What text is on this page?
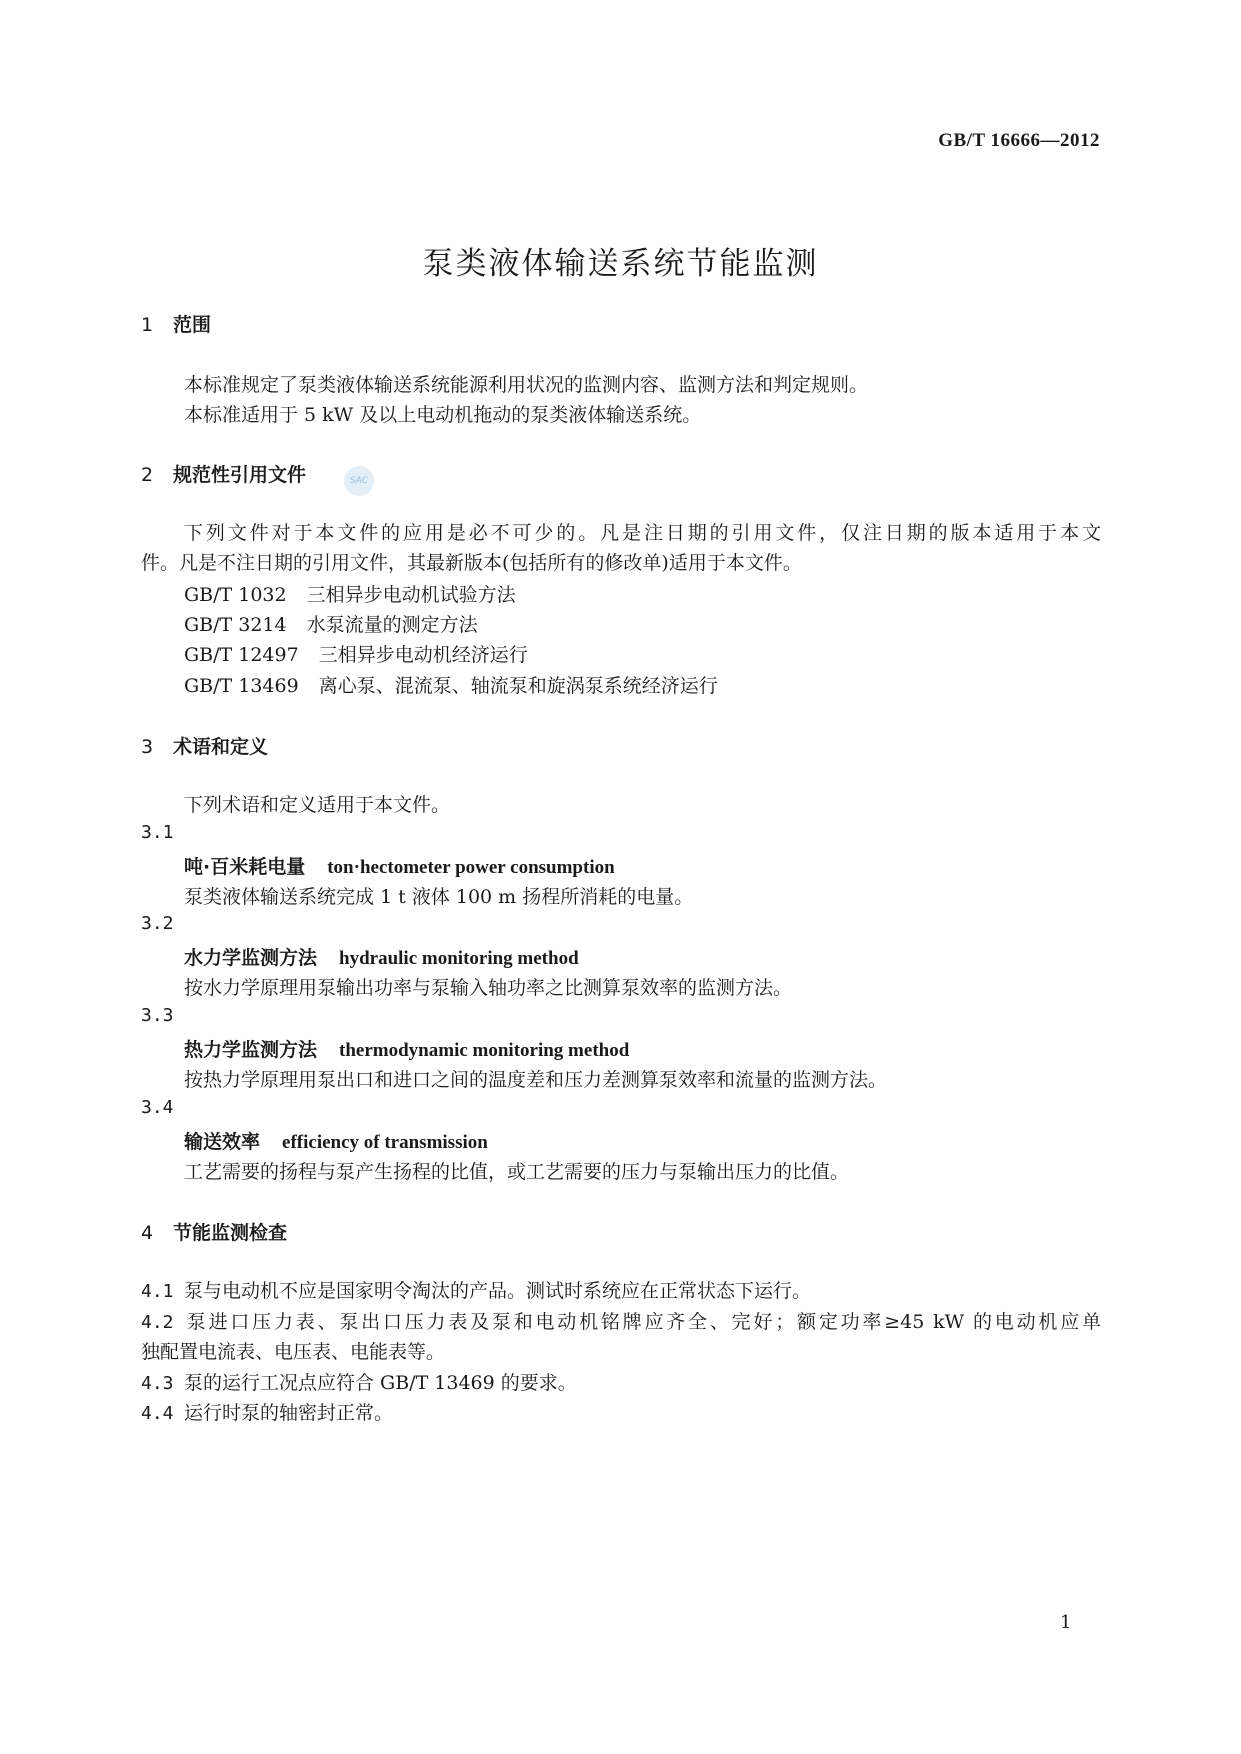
GB/T 16666—2012
泵类液体输送系统节能监测
1 范围
本标准规定了泵类液体输送系统能源利用状况的监测内容、监测方法和判定规则。
本标准适用于 5 kW 及以上电动机拖动的泵类液体输送系统。
SAC
2 规范性引用文件
下列文件对于本文件的应用是必不可少的。凡是注日期的引用文件，仅注日期的版本适用于本文
件。凡是不注日期的引用文件，其最新版本(包括所有的修改单)适用于本文件。
GB/T 1032 三相异步电动机试验方法
GB/T 3214 水泵流量的测定方法
GB/T 12497 三相异步电动机经济运行
GB/T 13469 离心泵、混流泵、轴流泵和旋涡泵系统经济运行
3 术语和定义
下列术语和定义适用于本文件。
3.1
吨·百米耗电量 ton·hectometer power consumption
泵类液体输送系统完成 1 t 液体 100 m 扬程所消耗的电量。
3.2
水力学监测方法 hydraulic monitoring method
按水力学原理用泵输出功率与泵输入轴功率之比测算泵效率的监测方法。
3.3
热力学监测方法 thermodynamic monitoring method
按热力学原理用泵出口和进口之间的温度差和压力差测算泵效率和流量的监测方法。
3.4
输送效率 efficiency of transmission
工艺需要的扬程与泵产生扬程的比值，或工艺需要的压力与泵输出压力的比值。
4 节能监测检查
4.1 泵与电动机不应是国家明令淘汰的产品。测试时系统应在正常状态下运行。
4.2 泵进口压力表、泵出口压力表及泵和电动机铭牌应齐全、完好；额定功率≥45 kW 的电动机应单
独配置电流表、电压表、电能表等。
4.3 泵的运行工况点应符合 GB/T 13469 的要求。
4.4 运行时泵的轴密封正常。
1
